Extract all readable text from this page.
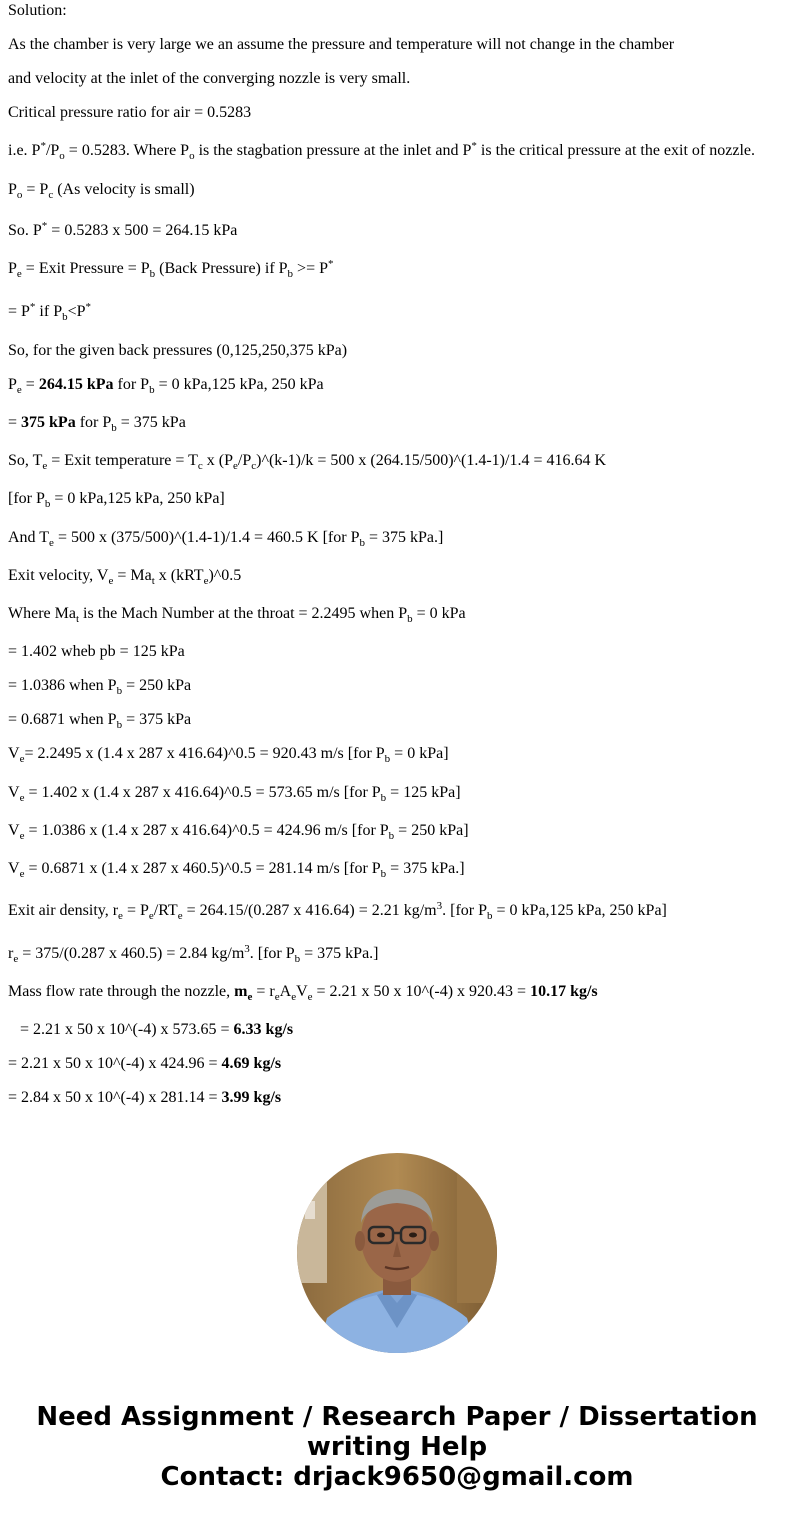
Solution:
As the chamber is very large we an assume the pressure and temperature will not change in the chamber
and velocity at the inlet of the converging nozzle is very small.
Critical pressure ratio for air = 0.5283
i.e. $P^*/P_o = 0.5283$. Where $P_o$ is the stagbation pressure at the inlet and P* is the critical pressure at the exit of nozzle.
$P_o = P_c$ (As velocity is small)
So. P* = 0.5283 x 500 = 264.15 kPa
$P_e$ = Exit Pressure = $P_b$ (Back Pressure) if $P_b >= P^*$
= P* if $P_b<P^*$
So, for the given back pressures (0,125,250,375 kPa)
$P_e = 264.15$ kPa for $P_b = 0$ kPa,125 kPa, 250 kPa
= 375 kPa for $P_b = 375$ kPa
So, $T_e$ = Exit temperature = $T_c$ x $(P_e/P_c)\^{}(k-1)/k = 500$ x (264.15/500)^(1.4-1)/1.4 = 416.64 K
[for $P_b = 0$ kPa,125 kPa, 250 kPa]
And $T_e = 500$ x (375/500)^(1.4-1)/1.4 = 460.5 K [for $P_b = 375$ kPa.]
Exit velocity, $V_e = Ma_t$ x (kRT$_e$)^0.5
Where $Ma_t$ is the Mach Number at the throat = 2.2495 when $P_b = 0$ kPa
= 1.402 wheb pb = 125 kPa
= 1.0386 when $P_b = 250$ kPa
= 0.6871 when $P_b = 375$ kPa
$V_e= 2.2495$ x (1.4 x 287 x 416.64)^0.5 = 920.43 m/s [for $P_b = 0$ kPa]
$V_e = 1.402$ x (1.4 x 287 x 416.64)^0.5 = 573.65 m/s [for $P_b = 125$ kPa]
$V_e = 1.0386$ x (1.4 x 287 x 416.64)^0.5 = 424.96 m/s [for $P_b = 250$ kPa]
$V_e = 0.6871$ x (1.4 x 287 x 460.5)^0.5 = 281.14 m/s [for $P_b = 375$ kPa.]
Exit air density, $r_e = P_e/RT_e = 264.15/(0.287$ x 416.64) = 2.21 $kg/m^3$. [for $P_b = 0$ kPa,125 kPa, 250 kPa]
$r_e = 375/(0.287$ x 460.5) = 2.84 $kg/m^3$. [for $P_b = 375$ kPa.]
Mass flow rate through the nozzle, $m_e = r_eA_eV_e = 2.21$ x 50 x 10^(-4) x 920.43 = 10.17 kg/s
= 2.21 x 50 x 10^(-4) x 573.65 = 6.33 kg/s
= 2.21 x 50 x 10^(-4) x 424.96 = 4.69 kg/s
= 2.84 x 50 x 10^(-4) x 281.14 = 3.99 kg/s
Need Assignment / Research Paper / Dissertation
writing Help
Contact: drjack9650@gmail.com
